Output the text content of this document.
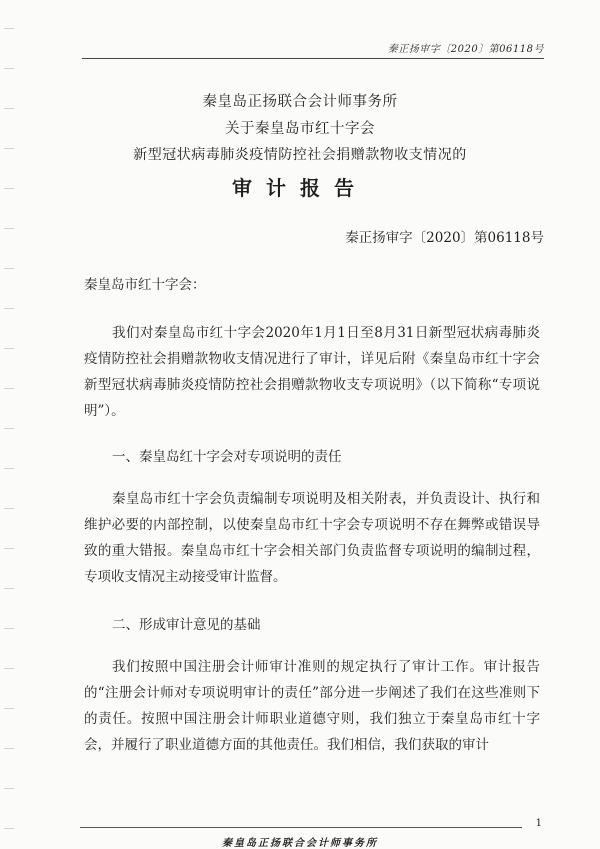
秦正扬审字〔2020〕第06118号
秦皇岛正扬联合会计师事务所
关于秦皇岛市红十字会
新型冠状病毒肺炎疫情防控社会捐赠款物收支情况的
审计报告
秦正扬审字〔2020〕第06118号

秦皇岛市红十字会：

我们对秦皇岛市红十字会2020年1月1日至8月31日新型冠状病毒肺炎疫情防控社会捐赠款物收支情况进行了审计，详见后附《秦皇岛市红十字会新型冠状病毒肺炎疫情防控社会捐赠款物收支专项说明》（以下简称“专项说明”）。

一、秦皇岛红十字会对专项说明的责任

秦皇岛市红十字会负责编制专项说明及相关附表，并负责设计、执行和维护必要的内部控制，以使秦皇岛市红十字会专项说明不存在舞弊或错误导致的重大错报。秦皇岛市红十字会相关部门负责监督专项说明的编制过程，专项收支情况主动接受审计监督。

二、形成审计意见的基础

我们按照中国注册会计师审计准则的规定执行了审计工作。审计报告的“注册会计师对专项说明审计的责任”部分进一步阐述了我们在这些准则下的责任。按照中国注册会计师职业道德守则，我们独立于秦皇岛市红十字会，并履行了职业道德方面的其他责任。我们相信，我们获取的审计

1
秦皇岛正扬联合会计师事务所
